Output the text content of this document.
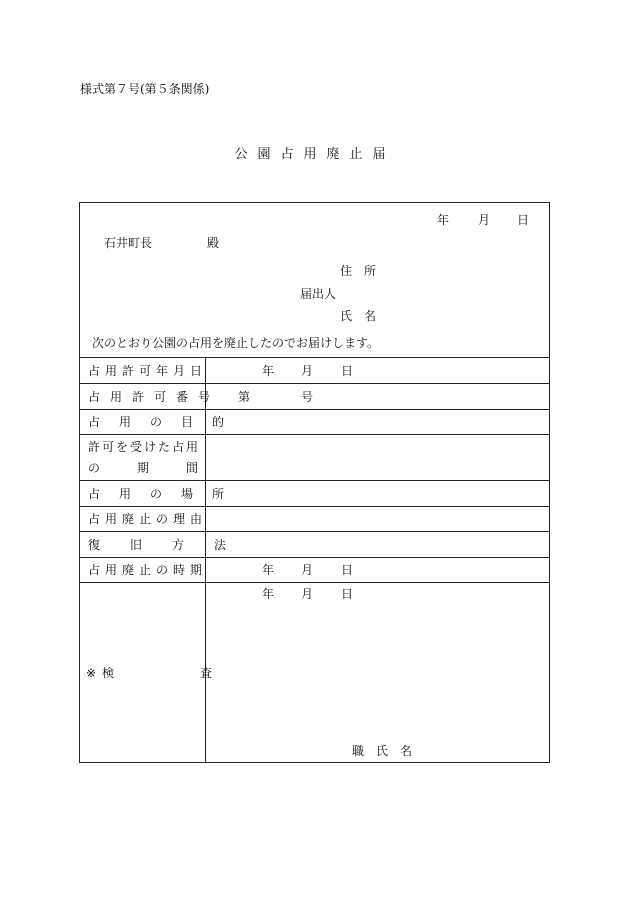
様式第７号(第５条関係)
公園占用廃止届
年 月 日
石井町長	殿
住　所
届出人
氏　名
次のとおり公園の占用を廃止したのでお届けします。
占用許可年月日	年 月 日
占用許可番号 第	号
占用の目的
許可を受けた占用
の期間
占用の場所
占用廃止の理由
復旧方法
占用廃止の時期	年 月 日
※ 検査
年 月 日
職　氏　名
